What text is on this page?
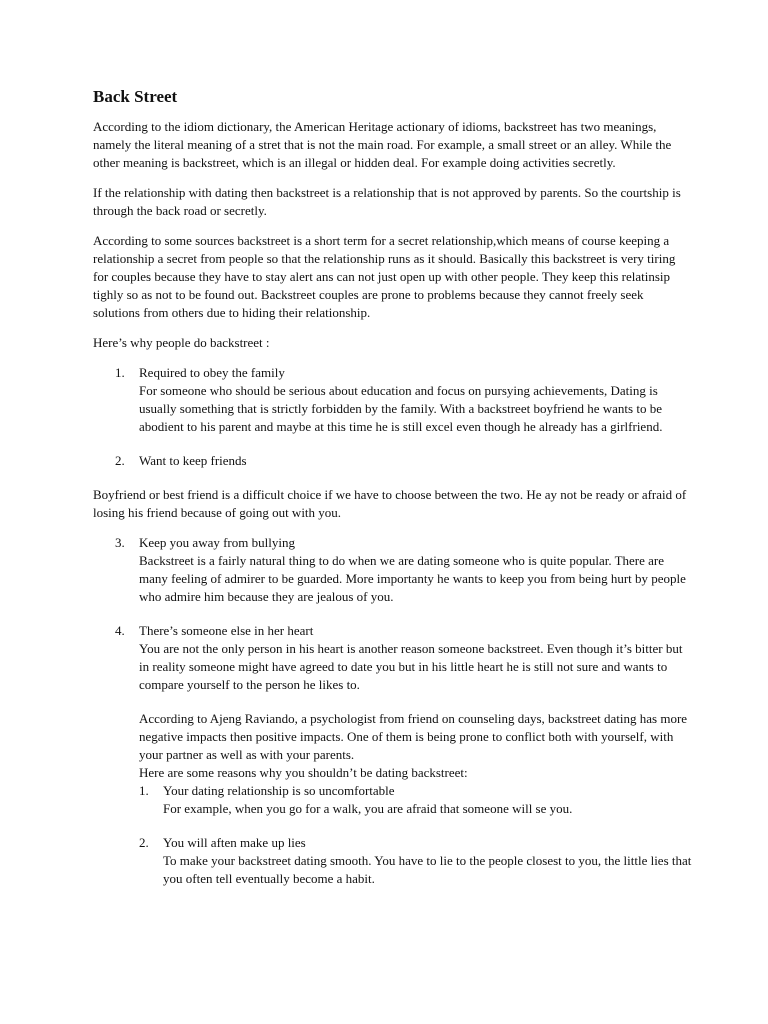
Back Street

According to the idiom dictionary, the American Heritage actionary of idioms, backstreet has two meanings, namely the literal meaning of a stret that is not the main road. For example, a small street or an alley. While the other meaning is backstreet, which is an illegal or hidden deal. For example doing activities secretly.

If the relationship with dating then backstreet is a relationship that is not approved by parents. So the courtship is through the back road or secretly.

According to some sources backstreet is a short term for a secret relationship,which means of course keeping a relationship a secret from people so that the relationship runs as it should. Basically this backstreet is very tiring for couples because they have to stay alert ans can not just open up with other people. They keep this relatinsip tighly so as not to be found out. Backstreet couples are prone to problems because they cannot freely seek solutions from others due to hiding their relationship.

Here’s why people do backstreet :

1. Required to obey the family
For someone who should be serious about education and focus on pursying achievements, Dating is usually something that is strictly forbidden by the family. With a backstreet boyfriend he wants to be abodient to his parent and maybe at this time he is still excel even though he already has a girlfriend.
2. Want to keep friends

Boyfriend or best friend is a difficult choice if we have to choose between the two. He ay not be ready or afraid of losing his friend because of going out with you.

3. Keep you away from bullying
Backstreet is a fairly natural thing to do when we are dating someone who is quite popular. There are many feeling of admirer to be guarded. More importanty he wants to keep you from being hurt by people who admire him because they are jealous of you.
4. There’s someone else in her heart
You are not the only person in his heart is another reason someone backstreet. Even though it’s bitter but in reality someone might have agreed to date you but in his little heart he is still not sure and wants to compare yourself to the person he likes to.
According to Ajeng Raviando, a psychologist from friend on counseling days, backstreet dating has more negative impacts then positive impacts. One of them is being prone to conflict both with yourself, with your partner as well as with your parents.
Here are some reasons why you shouldn’t be dating backstreet:
1. Your dating relationship is so uncomfortable
For example, when you go for a walk, you are afraid that someone will se you.
2. You will aften make up lies
To make your backstreet dating smooth. You have to lie to the people closest to you, the little lies that you often tell eventually become a habit.
